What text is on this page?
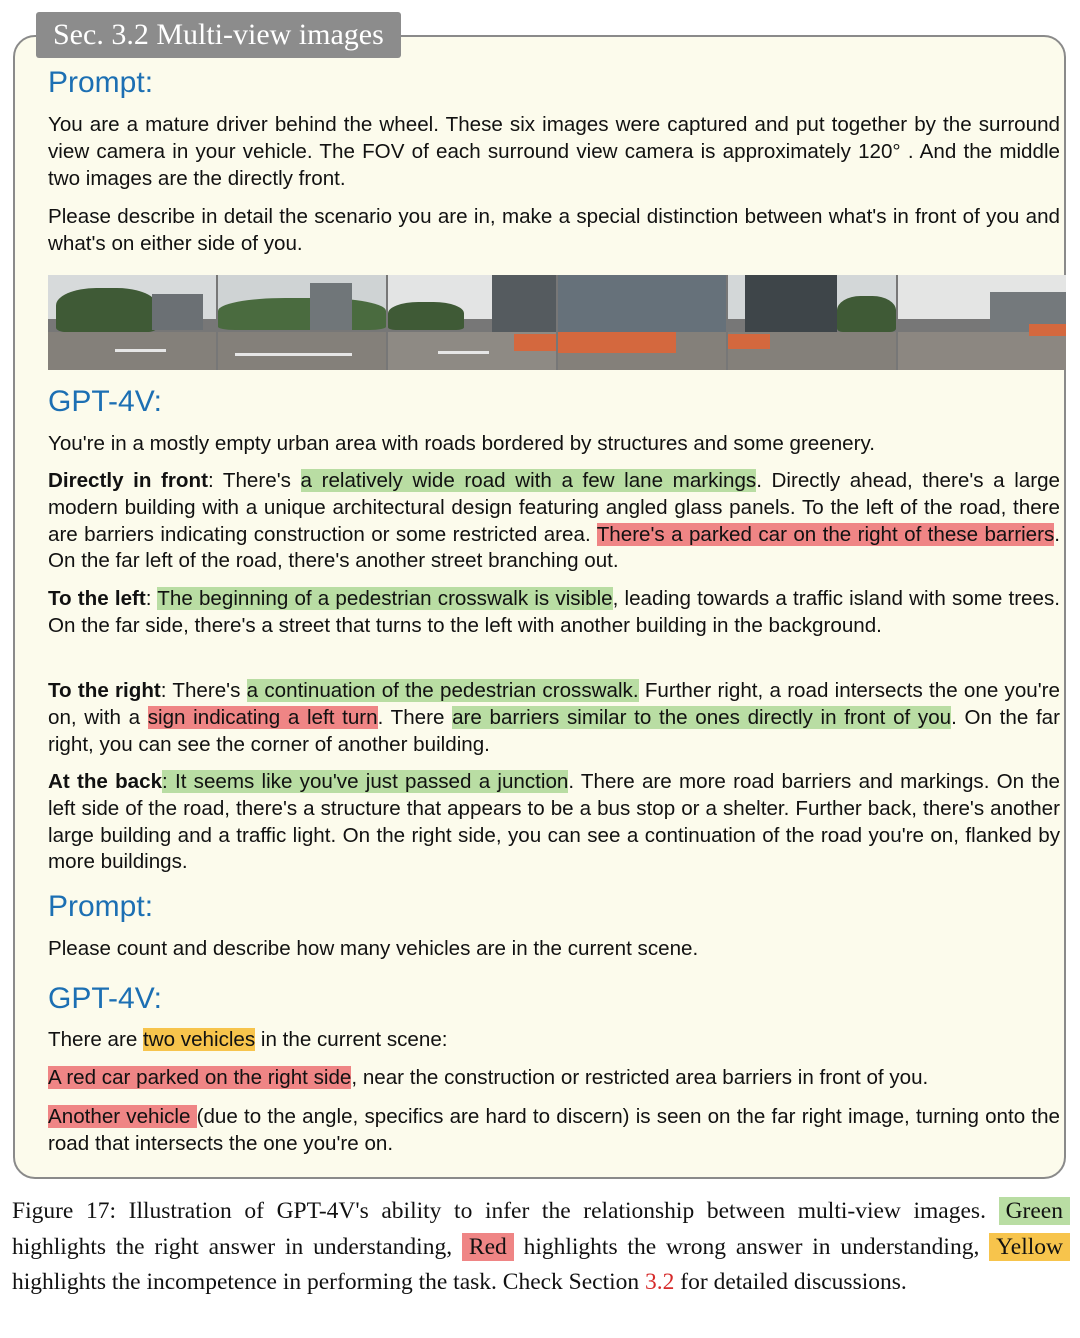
Sec. 3.2 Multi-view images
Prompt:
You are a mature driver behind the wheel. These six images were captured and put together by the surround view camera in your vehicle. The FOV of each surround view camera is approximately 120° . And the middle two images are the directly front.
Please describe in detail the scenario you are in, make a special distinction between what's in front of you and what's on either side of you.
GPT-4V:
You're in a mostly empty urban area with roads bordered by structures and some greenery.
Directly in front: There's a relatively wide road with a few lane markings. Directly ahead, there's a large modern building with a unique architectural design featuring angled glass panels. To the left of the road, there are barriers indicating construction or some restricted area. There's a parked car on the right of these barriers. On the far left of the road, there's another street branching out.
To the left: The beginning of a pedestrian crosswalk is visible, leading towards a traffic island with some trees. On the far side, there's a street that turns to the left with another building in the background.
To the right: There's a continuation of the pedestrian crosswalk. Further right, a road intersects the one you're on, with a sign indicating a left turn. There are barriers similar to the ones directly in front of you. On the far right, you can see the corner of another building.
At the back: It seems like you've just passed a junction. There are more road barriers and markings. On the left side of the road, there's a structure that appears to be a bus stop or a shelter. Further back, there's another large building and a traffic light. On the right side, you can see a continuation of the road you're on, flanked by more buildings.
Prompt:
Please count and describe how many vehicles are in the current scene.
GPT-4V:
There are two vehicles in the current scene:
A red car parked on the right side, near the construction or restricted area barriers in front of you.
Another vehicle (due to the angle, specifics are hard to discern) is seen on the far right image, turning onto the road that intersects the one you're on.
Figure 17: Illustration of GPT-4V's ability to infer the relationship between multi-view images. Green highlights the right answer in understanding, Red highlights the wrong answer in understanding, Yellow highlights the incompetence in performing the task. Check Section 3.2 for detailed discussions.
